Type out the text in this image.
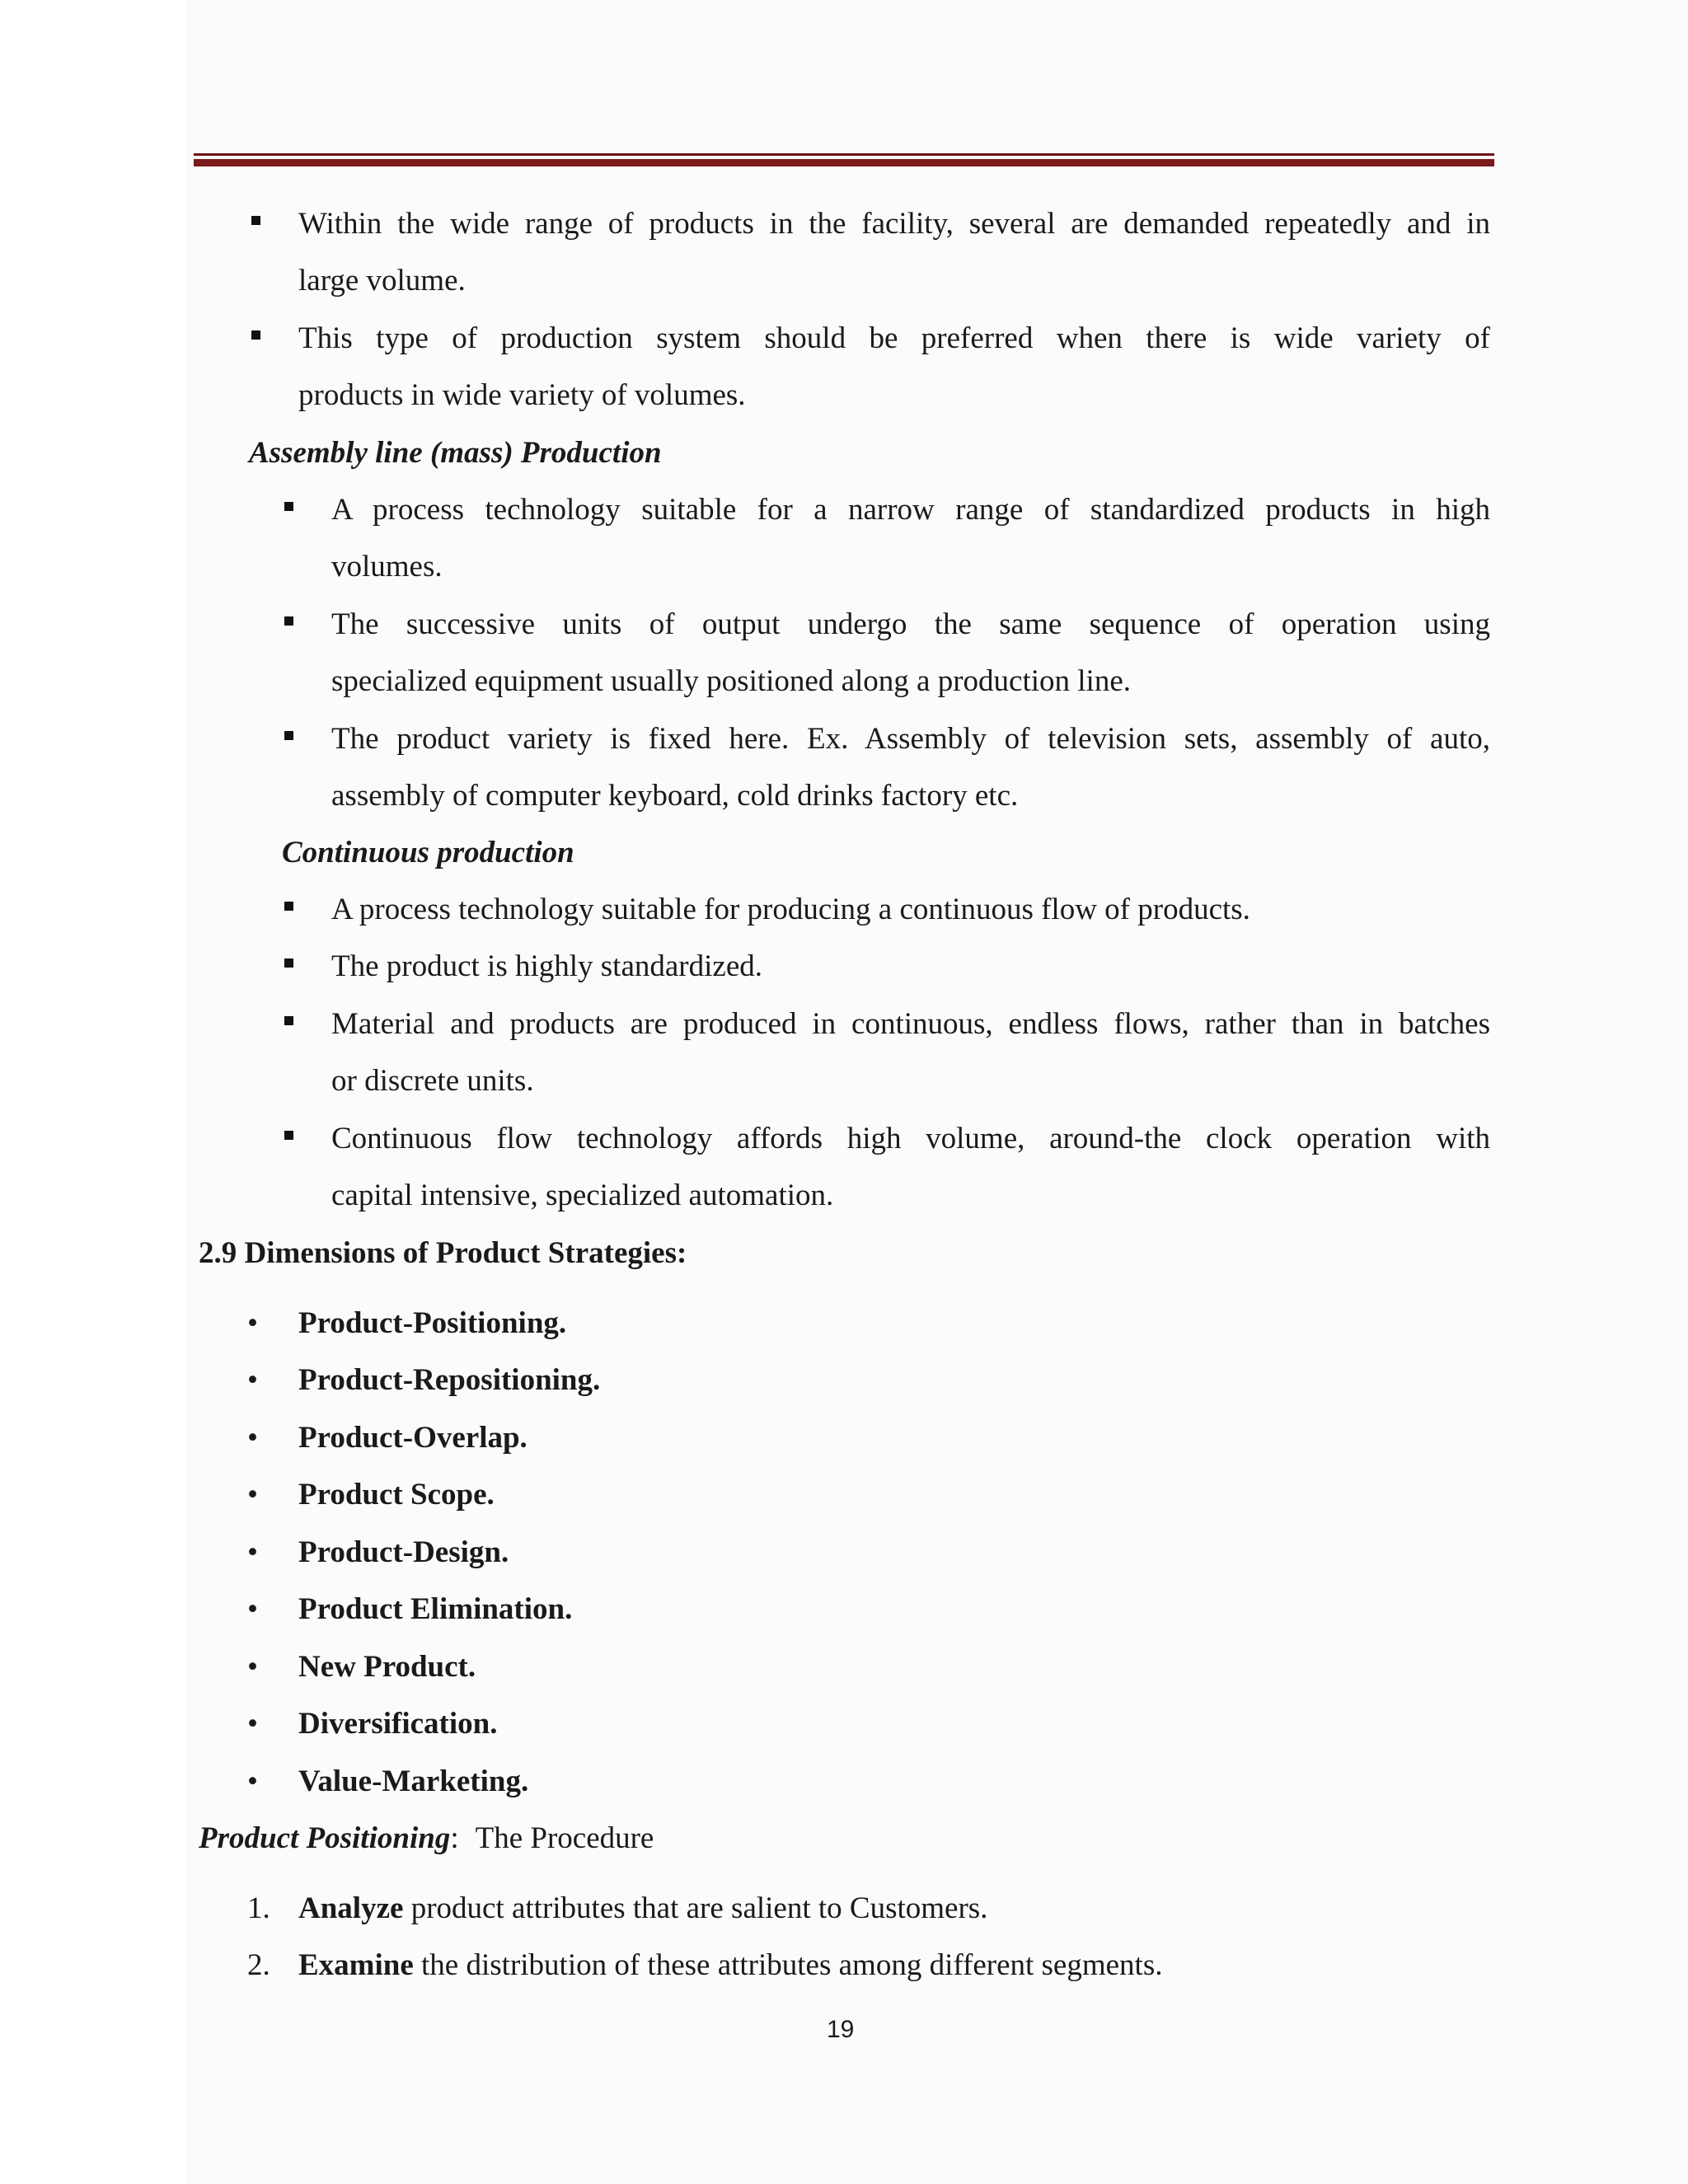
Within the wide range of products in the facility, several are demanded repeatedly and in
large volume.
This type of production system should be preferred when there is wide variety of
products in wide variety of volumes.
Assembly line (mass) Production
A process technology suitable for a narrow range of standardized products in high
volumes.
The successive units of output undergo the same sequence of operation using
specialized equipment usually positioned along a production line.
The product variety is fixed here. Ex. Assembly of television sets, assembly of auto,
assembly of computer keyboard, cold drinks factory etc.
Continuous production
A process technology suitable for producing a continuous flow of products.
The product is highly standardized.
Material and products are produced in continuous, endless flows, rather than in batches
or discrete units.
Continuous flow technology affords high volume, around-the clock operation with
capital intensive, specialized automation.
2.9 Dimensions of Product Strategies:
• Product-Positioning.
• Product-Repositioning.
• Product-Overlap.
• Product Scope.
• Product-Design.
• Product Elimination.
• New Product.
• Diversification.
• Value-Marketing.
Product Positioning: The Procedure
1. Analyze product attributes that are salient to Customers.
2. Examine the distribution of these attributes among different segments.
19
